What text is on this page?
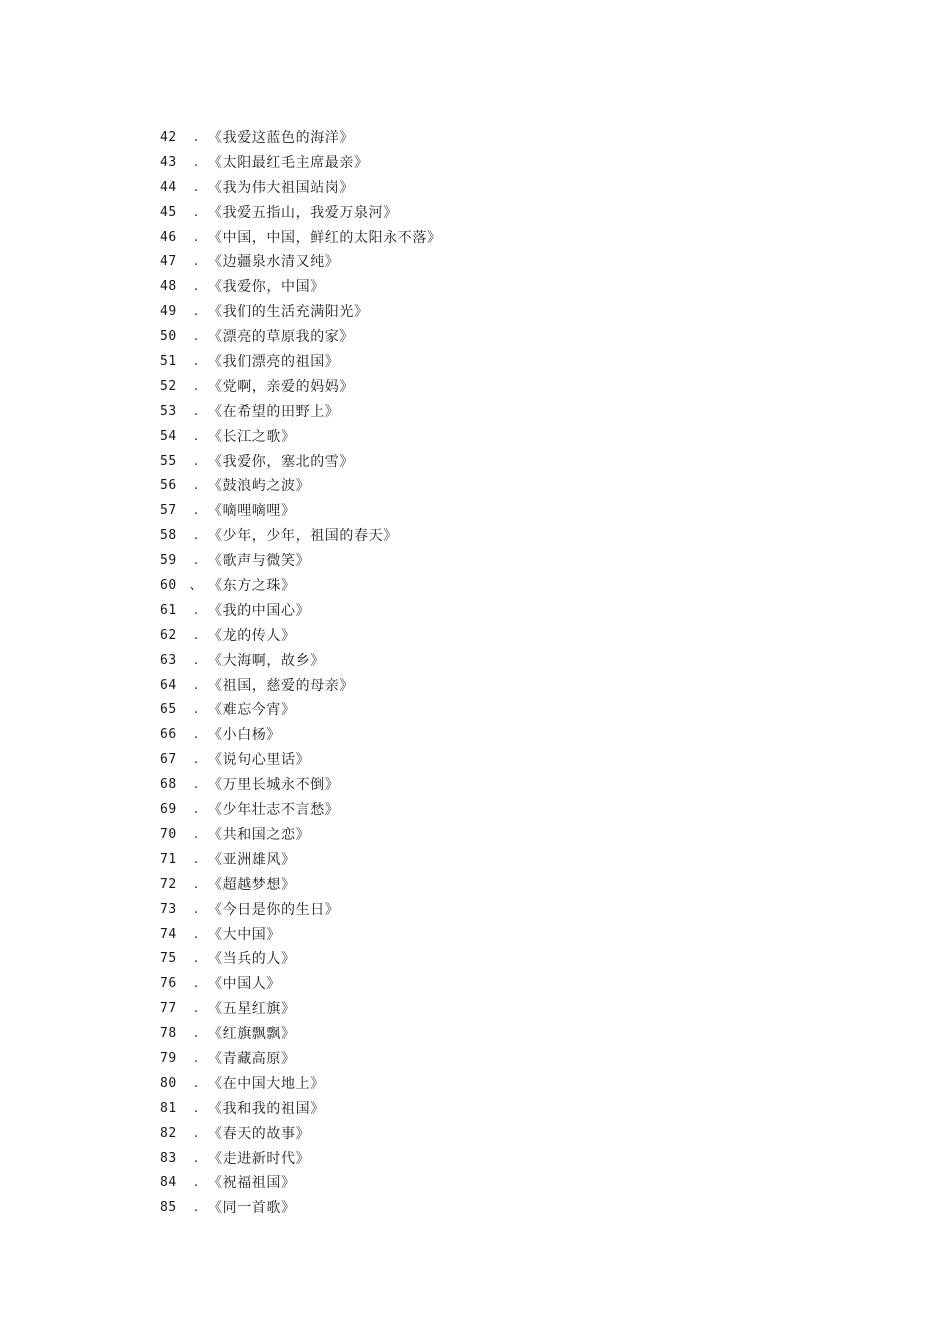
42	. 《我爱这蓝色的海洋》
43	. 《太阳最红毛主席最亲》
44	. 《我为伟大祖国站岗》
45	. 《我爱五指山，我爱万泉河》
46	. 《中国，中国，鲜红的太阳永不落》
47	. 《边疆泉水清又纯》
48	. 《我爱你，中国》
49	. 《我们的生活充满阳光》
50	. 《漂亮的草原我的家》
51	. 《我们漂亮的祖国》
52	. 《党啊，亲爱的妈妈》
53	. 《在希望的田野上》
54	. 《长江之歌》
55	. 《我爱你，塞北的雪》
56	. 《鼓浪屿之波》
57	. 《嘀哩嘀哩》
58	. 《少年，少年，祖国的春天》
59	. 《歌声与微笑》
60 、 《东方之珠》
61	. 《我的中国心》
62	. 《龙的传人》
63	. 《大海啊，故乡》
64	. 《祖国，慈爱的母亲》
65	. 《难忘今宵》
66	. 《小白杨》
67	. 《说句心里话》
68	. 《万里长城永不倒》
69	. 《少年壮志不言愁》
70	. 《共和国之恋》
71	. 《亚洲雄风》
72	. 《超越梦想》
73	. 《今日是你的生日》
74	. 《大中国》
75	. 《当兵的人》
76	. 《中国人》
77	. 《五星红旗》
78	. 《红旗飘飘》
79	. 《青藏高原》
80	. 《在中国大地上》
81	. 《我和我的祖国》
82	. 《春天的故事》
83	. 《走进新时代》
84	. 《祝福祖国》
85	. 《同一首歌》
